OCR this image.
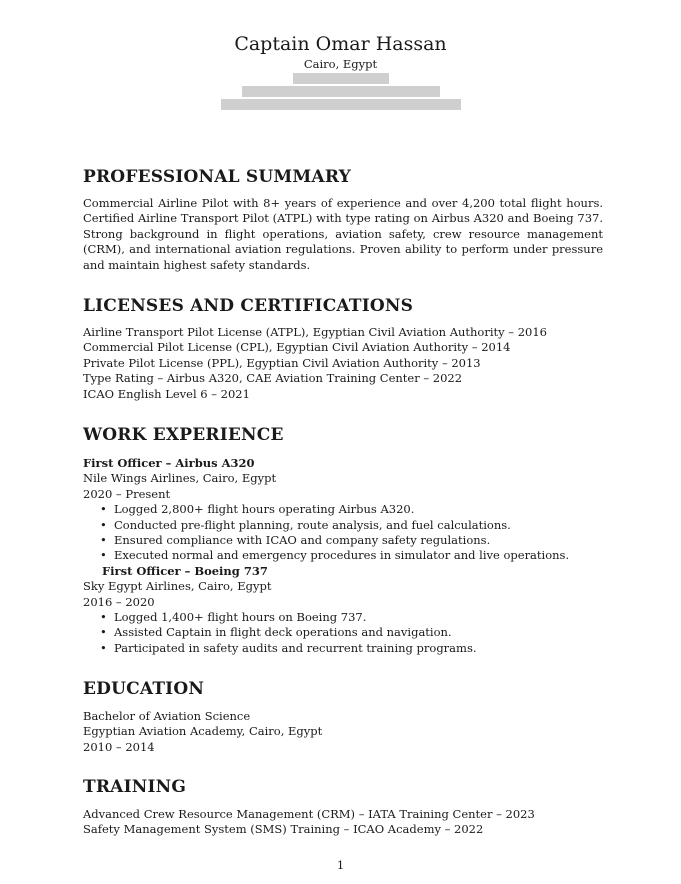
Captain Omar Hassan
Cairo, Egypt
PROFESSIONAL SUMMARY
Commercial Airline Pilot with 8+ years of experience and over 4,200 total flight hours. Certified Airline Transport Pilot (ATPL) with type rating on Airbus A320 and Boeing 737. Strong background in flight operations, aviation safety, crew resource management (CRM), and international aviation regulations. Proven ability to perform under pressure and maintain highest safety standards.
LICENSES AND CERTIFICATIONS
Airline Transport Pilot License (ATPL), Egyptian Civil Aviation Authority – 2016
Commercial Pilot License (CPL), Egyptian Civil Aviation Authority – 2014
Private Pilot License (PPL), Egyptian Civil Aviation Authority – 2013
Type Rating – Airbus A320, CAE Aviation Training Center – 2022
ICAO English Level 6 – 2021
WORK EXPERIENCE
First Officer – Airbus A320
Nile Wings Airlines, Cairo, Egypt
2020 – Present
• Logged 2,800+ flight hours operating Airbus A320.
• Conducted pre-flight planning, route analysis, and fuel calculations.
• Ensured compliance with ICAO and company safety regulations.
• Executed normal and emergency procedures in simulator and live operations.
First Officer – Boeing 737
Sky Egypt Airlines, Cairo, Egypt
2016 – 2020
• Logged 1,400+ flight hours on Boeing 737.
• Assisted Captain in flight deck operations and navigation.
• Participated in safety audits and recurrent training programs.
EDUCATION
Bachelor of Aviation Science
Egyptian Aviation Academy, Cairo, Egypt
2010 – 2014
TRAINING
Advanced Crew Resource Management (CRM) – IATA Training Center – 2023
Safety Management System (SMS) Training – ICAO Academy – 2022
1
